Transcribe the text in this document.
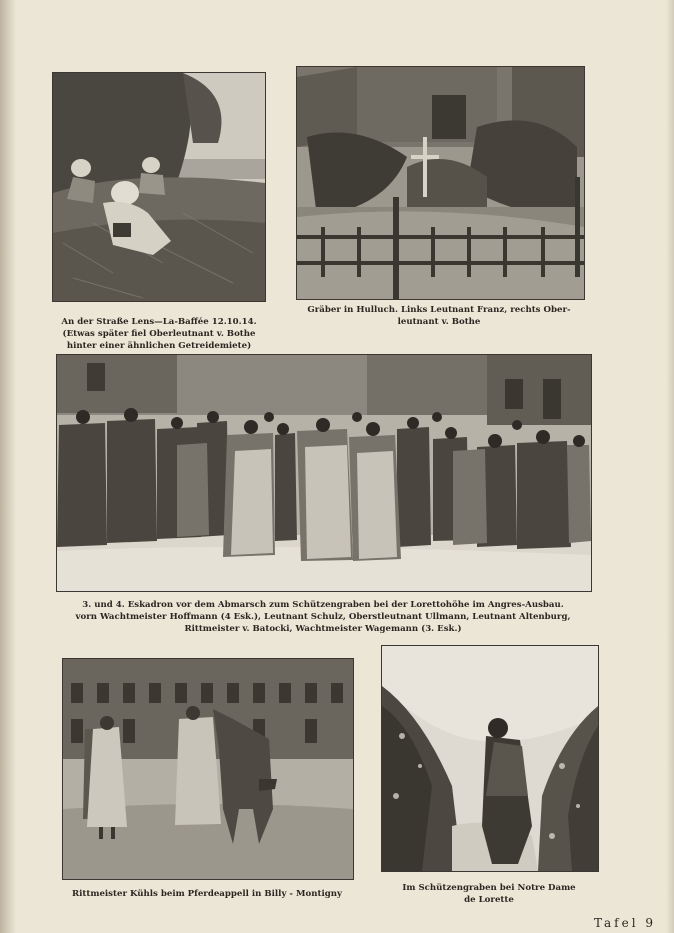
An der Straße Lens—La-Baffée 12.10.14.
(Etwas später fiel Oberleutnant v. Bothe
hinter einer ähnlichen Getreidemiete)
Gräber in Hulluch. Links Leutnant Franz, rechts Ober-
leutnant v. Bothe
3. und 4. Eskadron vor dem Abmarsch zum Schützengraben bei der Lorettohöhe im Angres-Ausbau.
vorn Wachtmeister Hoffmann (4 Esk.), Leutnant Schulz, Oberstleutnant Ullmann, Leutnant Altenburg,
Rittmeister v. Batocki, Wachtmeister Wagemann (3. Esk.)
Rittmeister Kühls beim Pferdeappell in Billy - Montigny
Im Schützengraben bei Notre Dame
de Lorette
Tafel 9
